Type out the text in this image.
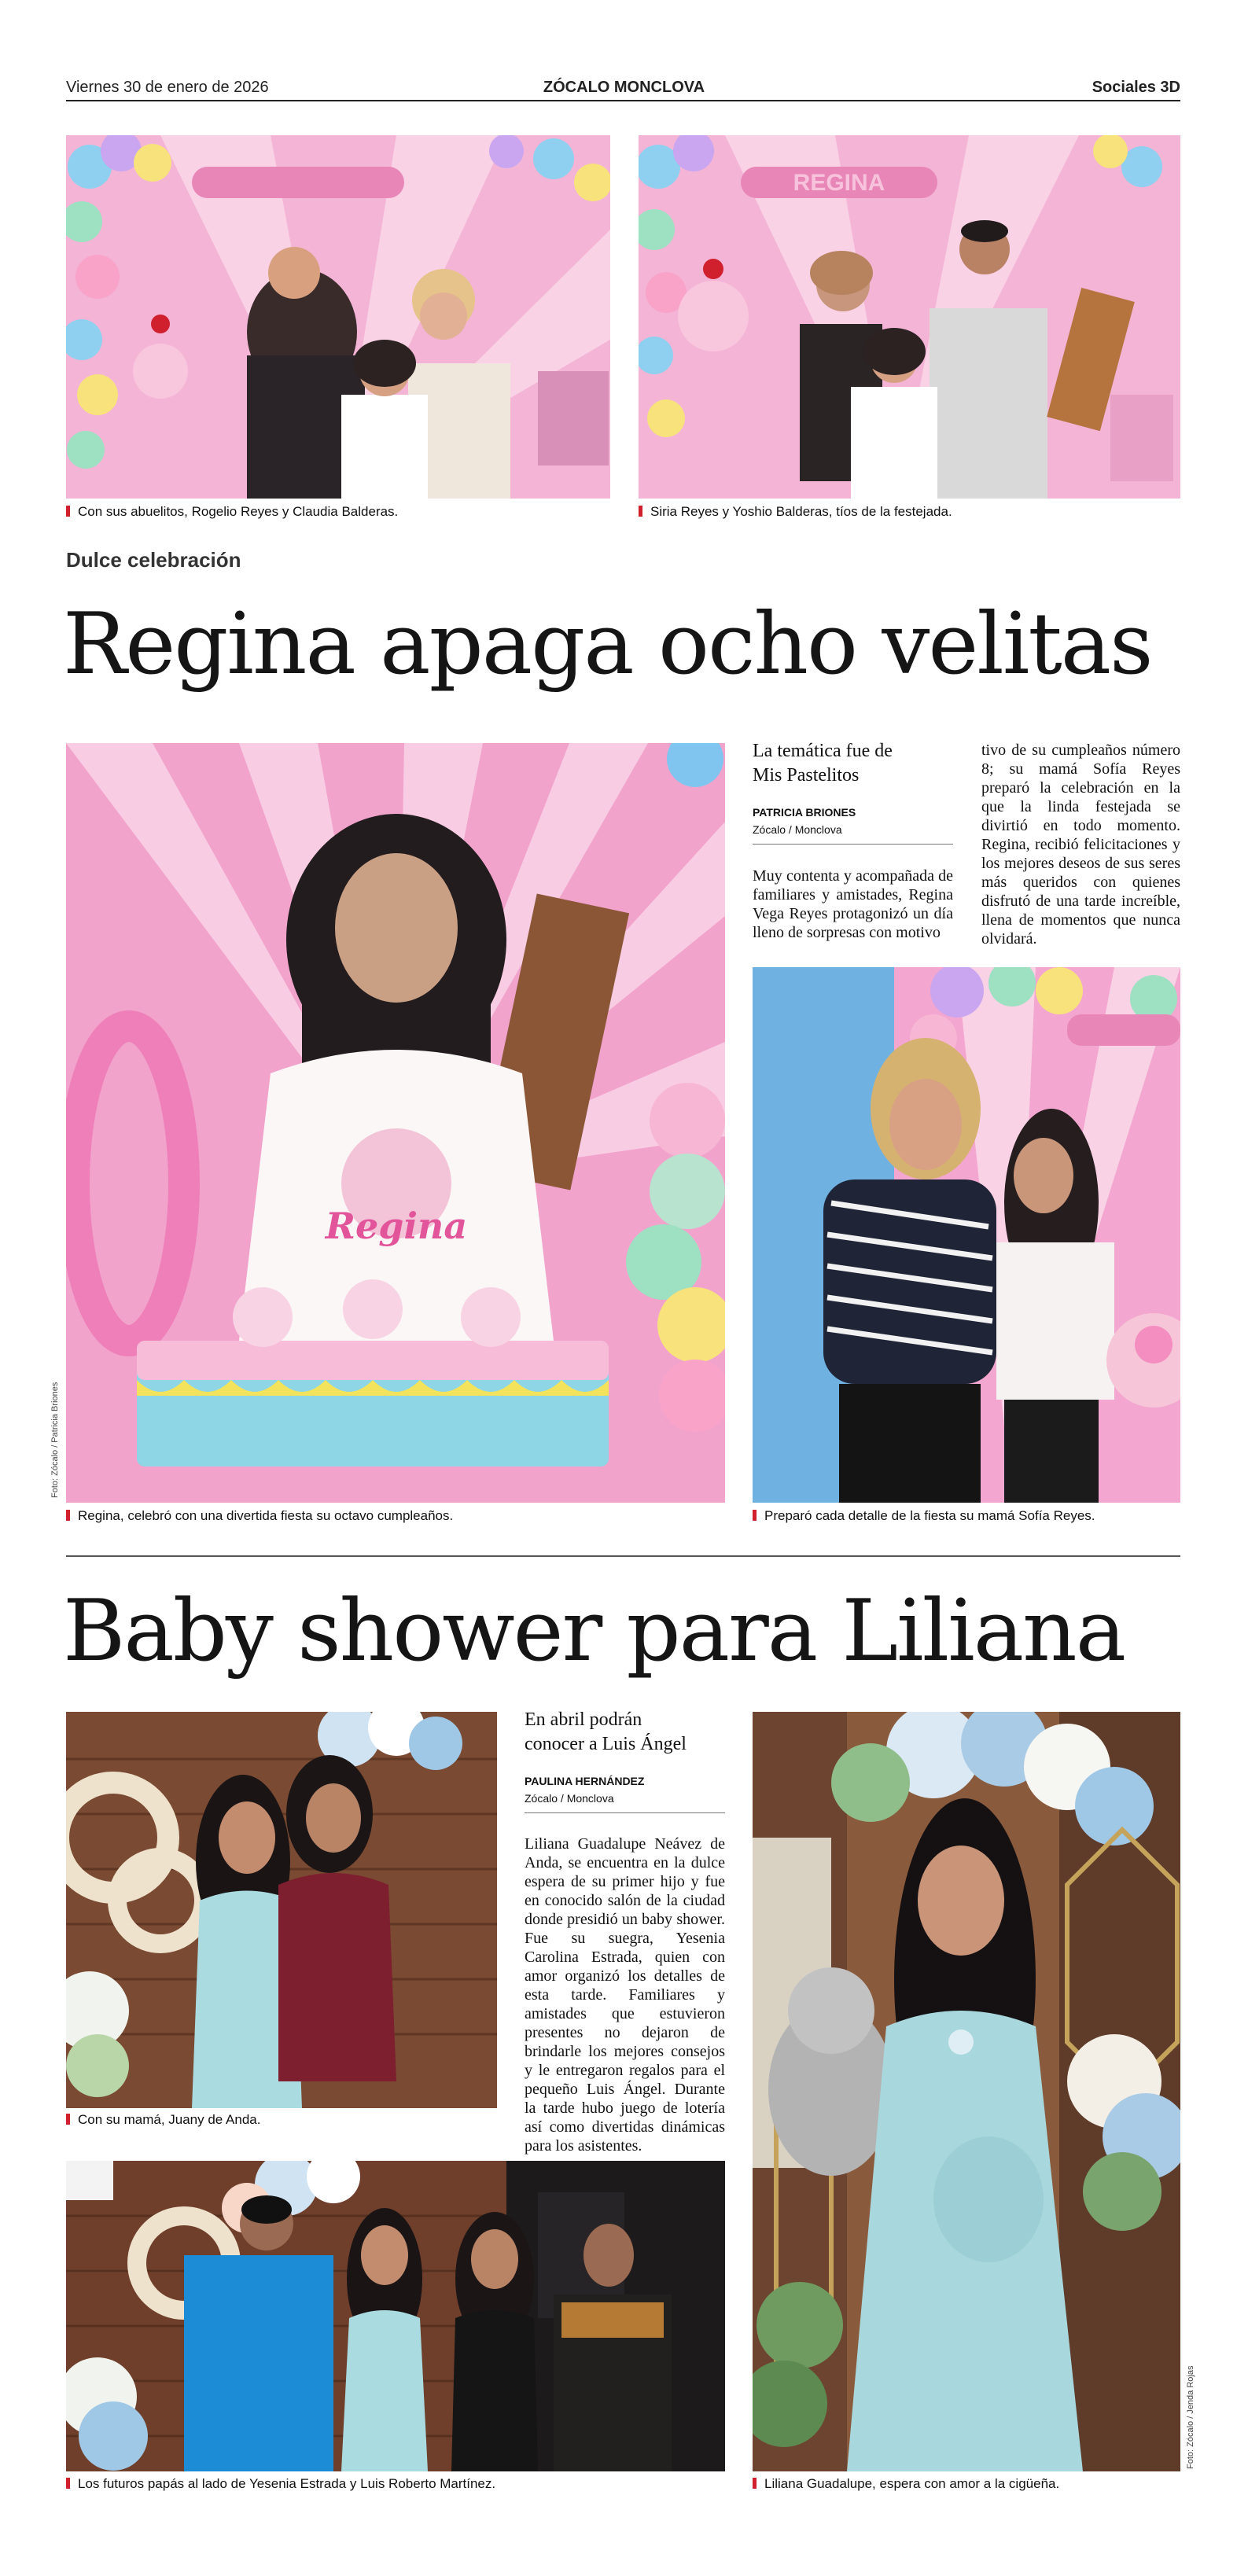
Viernes 30 de enero de 2026	ZÓCALO MONCLOVA	Sociales 3D
Con sus abuelitos, Rogelio Reyes y Claudia Balderas.
REGINA
Siria Reyes y Yoshio Balderas, tíos de la festejada.
Dulce celebración
Regina apaga ocho velitas
Regina
Foto: Zócalo / Patricia Briones
Regina, celebró con una divertida fiesta su octavo cumpleaños.
La temática fue de Mis Pastelitos
PATRICIA BRIONES
Zócalo / Monclova
Muy contenta y acompañada de familiares y amistades, Regina Vega Reyes protagonizó un día lleno de sorpresas con motivo
tivo de su cumpleaños número 8; su mamá Sofía Reyes preparó la celebración en la que la linda festejada se divirtió en todo momento. Regina, recibió felicitaciones y los mejores deseos de sus seres más queridos con quienes disfrutó de una tarde increíble, llena de momentos que nunca olvidará.
Preparó cada detalle de la fiesta su mamá Sofía Reyes.
Baby shower para Liliana
Con su mamá, Juany de Anda.
En abril podrán conocer a Luis Ángel
PAULINA HERNÁNDEZ
Zócalo / Monclova
Liliana Guadalupe Neávez de Anda, se encuentra en la dulce espera de su primer hijo y fue en conocido salón de la ciudad donde presidió un baby shower. Fue su suegra, Yesenia Carolina Estrada, quien con amor organizó los detalles de esta tarde. Familiares y amistades que estuvieron presentes no dejaron de brindarle los mejores consejos y le entregaron regalos para el pequeño Luis Ángel. Durante la tarde hubo juego de lotería así como divertidas dinámicas para los asistentes.
Los futuros papás al lado de Yesenia Estrada y Luis Roberto Martínez.
Foto: Zócalo / Jenda Rojas
Liliana Guadalupe, espera con amor a la cigüeña.
